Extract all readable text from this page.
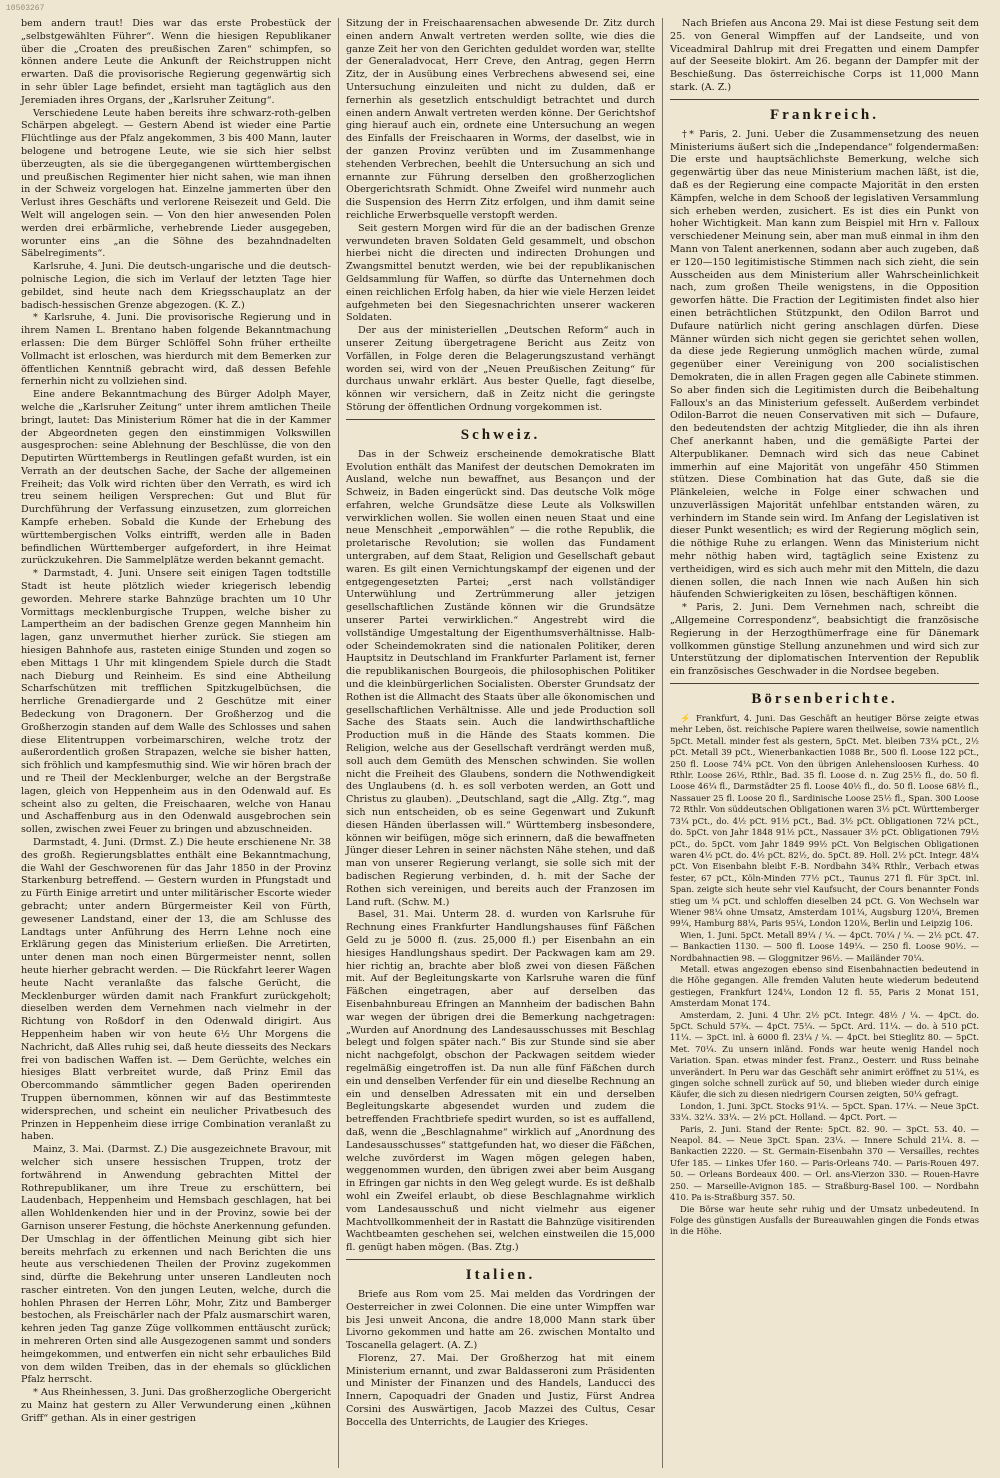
10503267

bem andern traut! Dies war das erste Probestück der „selbstgewählten Führer“. Wenn die hiesigen Republikaner über die „Croaten des preußischen Zaren“ schimpfen, so können andere Leute die Ankunft der Reichstruppen nicht erwarten. Daß die provisorische Regierung gegenwärtig sich in sehr übler Lage befindet, ersieht man tagtäglich aus den Jeremiaden ihres Organs, der „Karlsruher Zeitung“.

Verschiedene Leute haben bereits ihre schwarz-roth-gelben Schärpen abgelegt. — Gestern Abend ist wieder eine Partie Flüchtlinge aus der Pfalz angekommen, 3 bis 400 Mann, lauter belogene und betrogene Leute, wie sie sich hier selbst überzeugten, als sie die übergegangenen württembergischen und preußischen Regimenter hier nicht sahen, wie man ihnen in der Schweiz vorgelogen hat. Einzelne jammerten über den Verlust ihres Geschäfts und verlorene Reisezeit und Geld. Die Welt will angelogen sein. — Von den hier anwesenden Polen werden drei erbärmliche, verhebrende Lieder ausgegeben, worunter eins „an die Söhne des bezahndnadelten Säbelregiments“.

Karlsruhe, 4. Juni. Die deutsch-ungarische und die deutsch-polnische Legion, die sich im Verlauf der letzten Tage hier gebildet, sind heute nach dem Kriegsschauplatz an der badisch-hessischen Grenze abgezogen. (K. Z.)

* Karlsruhe, 4. Juni. Die provisorische Regierung und in ihrem Namen L. Brentano haben folgende Bekanntmachung erlassen: Die dem Bürger Schlöffel Sohn früher ertheilte Vollmacht ist erloschen, was hierdurch mit dem Bemerken zur öffentlichen Kenntniß gebracht wird, daß dessen Befehle fernerhin nicht zu vollziehen sind.

Eine andere Bekanntmachung des Bürger Adolph Mayer, welche die „Karlsruher Zeitung“ unter ihrem amtlichen Theile bringt, lautet: Das Ministerium Römer hat die in der Kammer der Abgeordneten gegen den einstimmigen Volkswillen ausgesprochen: seine Ablehnung der Beschlüsse, die von den Deputirten Württembergs in Reutlingen gefaßt wurden, ist ein Verrath an der deutschen Sache, der Sache der allgemeinen Freiheit; das Volk wird richten über den Verrath, es wird ich treu seinem heiligen Versprechen: Gut und Blut für Durchführung der Verfassung einzusetzen, zum glorreichen Kampfe erheben. Sobald die Kunde der Erhebung des württembergischen Volks eintrifft, werden alle in Baden befindlichen Württemberger aufgefordert, in ihre Heimat zurückzukehren. Die Sammelplätze werden bekannt gemacht.

* Darmstadt, 4. Juni. Unsere seit einigen Tagen todtstille Stadt ist heute plötzlich wieder kriegerisch lebendig geworden. Mehrere starke Bahnzüge brachten um 10 Uhr Vormittags mecklenburgische Truppen, welche bisher zu Lampertheim an der badischen Grenze gegen Mannheim hin lagen, ganz unvermuthet hierher zurück. Sie stiegen am hiesigen Bahnhofe aus, rasteten einige Stunden und zogen so eben Mittags 1 Uhr mit klingendem Spiele durch die Stadt nach Dieburg und Reinheim. Es sind eine Abtheilung Scharfschützen mit trefflichen Spitzkugelbüchsen, die herrliche Grenadiergarde und 2 Geschütze mit einer Bedeckung von Dragonern. Der Großherzog und die Großherzogin standen auf dem Walle des Schlosses und sahen diese Elitentruppen vorbeimarschiren, welche trotz der außerordentlich großen Strapazen, welche sie bisher hatten, sich fröhlich und kampfesmuthig sind. Wie wir hören brach der und re Theil der Mecklenburger, welche an der Bergstraße lagen, gleich von Heppenheim aus in den Odenwald auf. Es scheint also zu gelten, die Freischaaren, welche von Hanau und Aschaffenburg aus in den Odenwald ausgebrochen sein sollen, zwischen zwei Feuer zu bringen und abzuschneiden.

Darmstadt, 4. Juni. (Drmst. Z.) Die heute erschienene Nr. 38 des großh. Regierungsblattes enthält eine Bekanntmachung, die Wahl der Geschworenen für das Jahr 1850 in der Provinz Starkenburg betreffend. — Gestern wurden in Pfungstadt und zu Fürth Einige arretirt und unter militärischer Escorte wieder gebracht; unter andern Bürgermeister Keil von Fürth, gewesener Landstand, einer der 13, die am Schlusse des Landtags unter Anführung des Herrn Lehne noch eine Erklärung gegen das Ministerium erließen. Die Arretirten, unter denen man noch einen Bürgermeister nennt, sollen heute hierher gebracht werden. — Die Rückfahrt leerer Wagen heute Nacht veranlaßte das falsche Gerücht, die Mecklenburger würden damit nach Frankfurt zurückgeholt; dieselben werden dem Vernehmen nach vielmehr in der Richtung von Roßdorf in den Odenwald dirigirt. Aus Heppenheim haben wir von heute 6½ Uhr Morgens die Nachricht, daß Alles ruhig sei, daß heute diesseits des Neckars frei von badischen Waffen ist. — Dem Gerüchte, welches ein hiesiges Blatt verbreitet wurde, daß Prinz Emil das Obercommando sämmtlicher gegen Baden operirenden Truppen übernommen, können wir auf das Bestimmteste widersprechen, und scheint ein neulicher Privatbesuch des Prinzen in Heppenheim diese irrige Combination veranlaßt zu haben.

Mainz, 3. Mai. (Darmst. Z.) Die ausgezeichnete Bravour, mit welcher sich unsere hessischen Truppen, trotz der fortwährend in Anwendung gebrachten Mittel der Rothrepublikaner, um ihre Treue zu erschüttern, bei Laudenbach, Heppenheim und Hemsbach geschlagen, hat bei allen Wohldenkenden hier und in der Provinz, sowie bei der Garnison unserer Festung, die höchste Anerkennung gefunden. Der Umschlag in der öffentlichen Meinung gibt sich hier bereits mehrfach zu erkennen und nach Berichten die uns heute aus verschiedenen Theilen der Provinz zugekommen sind, dürfte die Bekehrung unter unseren Landleuten noch rascher eintreten. Von den jungen Leuten, welche, durch die hohlen Phrasen der Herren Löhr, Mohr, Zitz und Bamberger bestochen, als Freischärler nach der Pfalz ausmarschirt waren, kehren jeden Tag ganze Züge vollkommen enttäuscht zurück; in mehreren Orten sind alle Ausgezogenen sammt und sonders heimgekommen, und entwerfen ein nicht sehr erbauliches Bild von dem wilden Treiben, das in der ehemals so glücklichen Pfalz herrscht.

* Aus Rheinhessen, 3. Juni. Das großherzogliche Obergericht zu Mainz hat gestern zu Aller Verwunderung einen „kühnen Griff“ gethan. Als in einer gestrigen

Sitzung der in Freischaarensachen abwesende Dr. Zitz durch einen andern Anwalt vertreten werden sollte, wie dies die ganze Zeit her von den Gerichten geduldet worden war, stellte der Generaladvocat, Herr Creve, den Antrag, gegen Herrn Zitz, der in Ausübung eines Verbrechens abwesend sei, eine Untersuchung einzuleiten und nicht zu dulden, daß er fernerhin als gesetzlich entschuldigt betrachtet und durch einen andern Anwalt vertreten werden könne. Der Gerichtshof ging hierauf auch ein, ordnete eine Untersuchung an wegen des Einfalls der Freischaaren in Worms, der daselbst, wie in der ganzen Provinz verübten und im Zusammenhange stehenden Verbrechen, beehlt die Untersuchung an sich und ernannte zur Führung derselben den großherzoglichen Obergerichtsrath Schmidt. Ohne Zweifel wird nunmehr auch die Suspension des Herrn Zitz erfolgen, und ihm damit seine reichliche Erwerbsquelle verstopft werden.

Seit gestern Morgen wird für die an der badischen Grenze verwundeten braven Soldaten Geld gesammelt, und obschon hierbei nicht die directen und indirecten Drohungen und Zwangsmittel benutzt werden, wie bei der republikanischen Geldsammlung für Waffen, so dürfte das Unternehmen doch einen reichlichen Erfolg haben, da hier wie viele Herzen leidet aufgehmeten bei den Siegesnachrichten unserer wackeren Soldaten.

Der aus der ministeriellen „Deutschen Reform“ auch in unserer Zeitung übergetragene Bericht aus Zeitz von Vorfällen, in Folge deren die Belagerungszustand verhängt worden sei, wird von der „Neuen Preußischen Zeitung“ für durchaus unwahr erklärt. Aus bester Quelle, fagt dieselbe, können wir versichern, daß in Zeitz nicht die geringste Störung der öffentlichen Ordnung vorgekommen ist.

Schweiz.

Das in der Schweiz erscheinende demokratische Blatt Evolution enthält das Manifest der deutschen Demokraten im Ausland, welche nun bewaffnet, aus Besançon und der Schweiz, in Baden eingerückt sind. Das deutsche Volk möge erfahren, welche Grundsätze diese Leute als Volkswillen verwirklichen wollen. Sie wollen einen neuen Staat und eine neue Menschheit „emporwählen“ — die rothe Republik, die proletarische Revolution; sie wollen das Fundament untergraben, auf dem Staat, Religion und Gesellschaft gebaut waren. Es gilt einen Vernichtungskampf der eigenen und der entgegengesetzten Partei; „erst nach vollständiger Unterwühlung und Zertrümmerung aller jetzigen gesellschaftlichen Zustände können wir die Grundsätze unserer Partei verwirklichen.“ Angestrebt wird die vollständige Umgestaltung der Eigenthumsverhältnisse. Halb- oder Scheindemokraten sind die nationalen Politiker, deren Hauptsitz in Deutschland im Frankfurter Parlament ist, ferner die republikanischen Bourgeois, die philosophischen Politiker und die kleinbürgerlichen Socialisten. Oberster Grundsatz der Rothen ist die Allmacht des Staats über alle ökonomischen und gesellschaftlichen Verhältnisse. Alle und jede Production soll Sache des Staats sein. Auch die landwirthschaftliche Production muß in die Hände des Staats kommen. Die Religion, welche aus der Gesellschaft verdrängt werden muß, soll auch dem Gemüth des Menschen schwinden. Sie wollen nicht die Freiheit des Glaubens, sondern die Nothwendigkeit des Unglaubens (d. h. es soll verboten werden, an Gott und Christus zu glauben). „Deutschland, sagt die „Allg. Ztg.“, mag sich nun entscheiden, ob es seine Gegenwart und Zukunft diesen Händen überlassen will.“ Württemberg insbesondere, können wir beifügen, möge sich erinnern, daß die bewaffneten Jünger dieser Lehren in seiner nächsten Nähe stehen, und daß man von unserer Regierung verlangt, sie solle sich mit der badischen Regierung verbinden, d. h. mit der Sache der Rothen sich vereinigen, und bereits auch der Franzosen im Land ruft. (Schw. M.)

Basel, 31. Mai. Unterm 28. d. wurden von Karlsruhe für Rechnung eines Frankfurter Handlungshauses fünf Fäßchen Geld zu je 5000 fl. (zus. 25,000 fl.) per Eisenbahn an ein hiesiges Handlungshaus spedirt. Der Packwagen kam am 29. hier richtig an, brachte aber bloß zwei von diesen Fäßchen mit. Auf der Begleitungskarte von Karlsruhe waren die fünf Fäßchen eingetragen, aber auf derselben das Eisenbahnbureau Efringen an Mannheim der badischen Bahn war wegen der übrigen drei die Bemerkung nachgetragen: „Wurden auf Anordnung des Landesausschusses mit Beschlag belegt und folgen später nach.“ Bis zur Stunde sind sie aber nicht nachgefolgt, obschon der Packwagen seitdem wieder regelmäßig eingetroffen ist. Da nun alle fünf Fäßchen durch ein und denselben Verfender für ein und dieselbe Rechnung an ein und denselben Adressaten mit ein und derselben Begleitungskarte abgesendet wurden und zudem die betreffenden Frachtbriefe spedirt wurden, so ist es auffallend, daß, wenn die „Beschlagnahme“ wirklich auf „Anordnung des Landesausschusses“ stattgefunden hat, wo dieser die Fäßchen, welche zuvörderst im Wagen mögen gelegen haben, weggenommen wurden, den übrigen zwei aber beim Ausgang in Efringen gar nichts in den Weg gelegt wurde. Es ist deßhalb wohl ein Zweifel erlaubt, ob diese Beschlagnahme wirklich vom Landesausschuß und nicht vielmehr aus eigener Machtvollkommenheit der in Rastatt die Bahnzüge visitirenden Wachtbeamten geschehen sei, welchen einstweilen die 15,000 fl. genügt haben mögen. (Bas. Ztg.)

Italien.

Briefe aus Rom vom 25. Mai melden das Vordringen der Oesterreicher in zwei Colonnen. Die eine unter Wimpffen war bis Jesi unweit Ancona, die andre 18,000 Mann stark über Livorno gekommen und hatte am 26. zwischen Montalto und Toscanella gelagert. (A. Z.)

Florenz, 27. Mai. Der Großherzog hat mit einem Ministerium ernannt, und zwar Baldasseroni zum Präsidenten und Minister der Finanzen und des Handels, Landucci des Innern, Capoquadri der Gnaden und Justiz, Fürst Andrea Corsini des Auswärtigen, Jacob Mazzei des Cultus, Cesar Boccella des Unterrichts, de Laugier des Krieges.

Nach Briefen aus Ancona 29. Mai ist diese Festung seit dem 25. von General Wimpffen auf der Landseite, und von Viceadmiral Dahlrup mit drei Fregatten und einem Dampfer auf der Seeseite blokirt. Am 26. begann der Dampfer mit der Beschießung. Das österreichische Corps ist 11,000 Mann stark. (A. Z.)

Frankreich.

†* Paris, 2. Juni. Ueber die Zusammensetzung des neuen Ministeriums äußert sich die „Independance“ folgendermaßen: Die erste und hauptsächlichste Bemerkung, welche sich gegenwärtig über das neue Ministerium machen läßt, ist die, daß es der Regierung eine compacte Majorität in den ersten Kämpfen, welche in dem Schooß der legislativen Versammlung sich erheben werden, zusichert. Es ist dies ein Punkt von hoher Wichtigkeit. Man kann zum Beispiel mit Hrn v. Falloux verschiedener Meinung sein, aber man muß einmal in ihm den Mann von Talent anerkennen, sodann aber auch zugeben, daß er 120—150 legitimistische Stimmen nach sich zieht, die sein Ausscheiden aus dem Ministerium aller Wahrscheinlichkeit nach, zum großen Theile wenigstens, in die Opposition geworfen hätte. Die Fraction der Legitimisten findet also hier einen beträchtlichen Stützpunkt, den Odilon Barrot und Dufaure natürlich nicht gering anschlagen dürfen. Diese Männer würden sich nicht gegen sie gerichtet sehen wollen, da diese jede Regierung unmöglich machen würde, zumal gegenüber einer Vereinigung von 200 socialistischen Demokraten, die in allen Fragen gegen alle Cabinete stimmen. So aber finden sich die Legitimisten durch die Beibehaltung Falloux's an das Ministerium gefesselt. Außerdem verbindet Odilon-Barrot die neuen Conservativen mit sich — Dufaure, den bedeutendsten der achtzig Mitglieder, die ihn als ihren Chef anerkannt haben, und die gemäßigte Partei der Alterpublikaner. Demnach wird sich das neue Cabinet immerhin auf eine Majorität von ungefähr 450 Stimmen stützen. Diese Combination hat das Gute, daß sie die Plänkeleien, welche in Folge einer schwachen und unzuverlässigen Majorität unfehlbar entstanden wären, zu verhindern im Stande sein wird. Im Anfang der Legislativen ist dieser Punkt wesentlich; es wird der Regierung möglich sein, die nöthige Ruhe zu erlangen. Wenn das Ministerium nicht mehr nöthig haben wird, tagtäglich seine Existenz zu vertheidigen, wird es sich auch mehr mit den Mitteln, die dazu dienen sollen, die nach Innen wie nach Außen hin sich häufenden Schwierigkeiten zu lösen, beschäftigen können.

* Paris, 2. Juni. Dem Vernehmen nach, schreibt die „Allgemeine Correspondenz“, beabsichtigt die französische Regierung in der Herzogthümerfrage eine für Dänemark vollkommen günstige Stellung anzunehmen und wird sich zur Unterstützung der diplomatischen Intervention der Republik ein französisches Geschwader in die Nordsee begeben.

Börsenberichte.

⚡ Frankfurt, 4. Juni. Das Geschäft an heutiger Börse zeigte etwas mehr Leben, öst. reichische Papiere waren theilweise, sowie namentlich 5pCt. Metall. minder fest als gestern, 5pCt. Met. bleiben 73¼ pCt., 2½ pCt. Metall 39 pCt., Wienerbankactien 1088 Br., 500 fl. Loose 122 pCt., 250 fl. Loose 74¼ pCt. Von den übrigen Anlehensloosen Kurhess. 40 Rthlr. Loose 26½, Rthlr., Bad. 35 fl. Loose d. n. Zug 25½ fl., do. 50 fl. Loose 46¼ fl., Darmstädter 25 fl. Loose 40½ fl., do. 50 fl. Loose 68½ fl., Nassauer 25 fl. Loose 20 fl., Sardinische Loose 25½ fl., Span. 300 Loose 72 Rthlr. Von süddeutschen Obligationen waren 3½ pCt. Württemberger 73¼ pCt., do. 4½ pCt. 91½ pCt., Bad. 3½ pCt. Obligationen 72¼ pCt., do. 5pCt. von Jahr 1848 91½ pCt., Nassauer 3½ pCt. Obligationen 79½ pCt., do. 5pCt. vom Jahr 1849 99½ pCt. Von Belgischen Obligationen waren 4½ pCt. do. 4½ pCt. 82½, do. 5pCt. 89. Holl. 2½ pCt. Integr. 48¼ pCt. Von Eisenbahn bleibt F.-B. Nordbahn 34¾ Rthlr., Verbach etwas fester, 67 pCt., Köln-Minden 77½ pCt., Taunus 271 fl. Für 3pCt. inl. Span. zeigte sich heute sehr viel Kaufsucht, der Cours benannter Fonds stieg um ¼ pCt. und schloffen dieselben 24 pCt. G. Von Wechseln war Wiener 98¼ ohne Umsatz, Amsterdam 101¼, Augsburg 120¼, Bremen 99¼, Hamburg 88¼, Paris 95¼, London 120⅛, Berlin und Leipzig 106.

Wien, 1. Juni. 5pCt. Metall 89¼ / ¼. — 4pCt. 70¼ / ¼. — 2½ pCt. 47. — Bankactien 1130. — 500 fl. Loose 149¼. — 250 fl. Loose 90½. — Nordbahnactien 98. — Gloggnitzer 96½. — Mailänder 70¼.

Metall. etwas angezogen ebenso sind Eisenbahnactien bedeutend in die Höhe gegangen. Alle fremden Valuten heute wiederum bedeutend gestiegen, Frankfurt 124¼, London 12 fl. 55, Paris 2 Monat 151, Amsterdam Monat 174.

Amsterdam, 2. Juni. 4 Uhr. 2½ pCt. Integr. 48½ / ¼. — 4pCt. do. 5pCt. Schuld 57¾. — 4pCt. 75¼. — 5pCt. Ard. 11¼. — do. à 510 pCt. 11¼. — 3pCt. inl. à 6000 fl. 23¼ / ¼. — 4pCt. bei Stieglitz 80. — 5pCt. Met. 70¼. Zu unsern inländ. Fonds war heute wenig Handel noch Variation. Span. etwas minder fest. Franz., Oesterr. und Russ beinahe unverändert. In Peru war das Geschäft sehr animirt eröffnet zu 51¼, es gingen solche schnell zurück auf 50, und blieben wieder durch einige Käufer, die sich zu diesen niedrigern Coursen zeigten, 50¼ gefragt.

London, 1. Juni. 3pCt. Stocks 91¼. — 5pCt. Span. 17¼. — Neue 3pCt. 33¼. 32¼. 33¼. — 2½ pCt. Holland. — 4pCt. Port. —

Paris, 2. Juni. Stand der Rente: 5pCt. 82. 90. — 3pCt. 53. 40. — Neapol. 84. — Neue 3pCt. Span. 23¼. — Innere Schuld 21¼. 8. — Bankactien 2220. — St. Germain-Eisenbahn 370 — Versailles, rechtes Ufer 185. — Linkes Ufer 160. — Paris-Orleans 740. — Paris-Rouen 497. 50. — Orleans Bordeaux 400. — Orl. ans-Vierzon 330. — Rouen-Havre 250. — Marseille-Avignon 185. — Straßburg-Basel 100. — Nordbahn 410. Pa is-Straßburg 357. 50.

Die Börse war heute sehr ruhig und der Umsatz unbedeutend. In Folge des günstigen Ausfalls der Bureauwahlen gingen die Fonds etwas in die Höhe.
